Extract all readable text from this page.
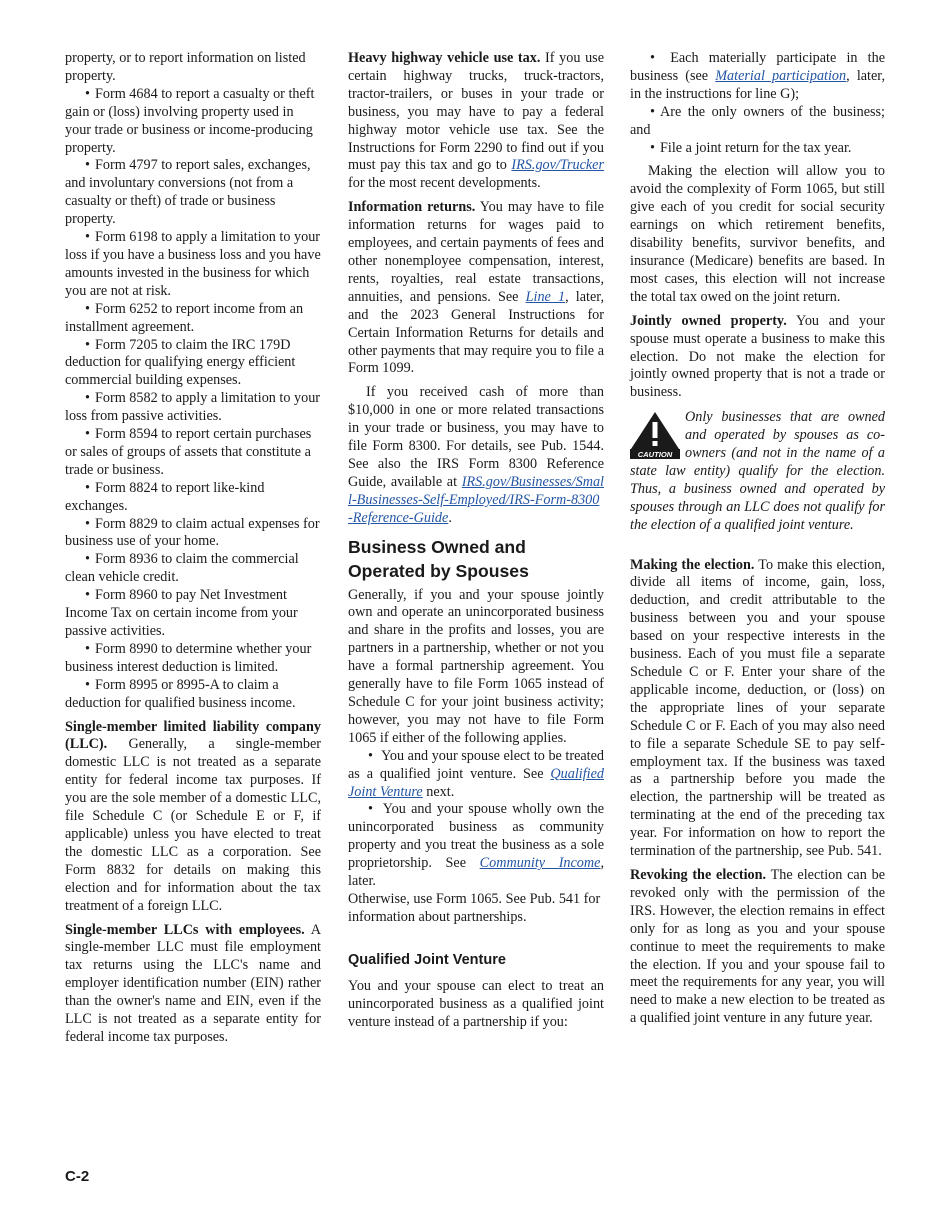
property, or to report information on listed property.

• Form 4684 to report a casualty or theft gain or (loss) involving property used in your trade or business or income-producing property.

• Form 4797 to report sales, exchanges, and involuntary conversions (not from a casualty or theft) of trade or business property.

• Form 6198 to apply a limitation to your loss if you have a business loss and you have amounts invested in the business for which you are not at risk.

• Form 6252 to report income from an installment agreement.

• Form 7205 to claim the IRC 179D deduction for qualifying energy efficient commercial building expenses.

• Form 8582 to apply a limitation to your loss from passive activities.

• Form 8594 to report certain purchases or sales of groups of assets that constitute a trade or business.

• Form 8824 to report like-kind exchanges.

• Form 8829 to claim actual expenses for business use of your home.

• Form 8936 to claim the commercial clean vehicle credit.

• Form 8960 to pay Net Investment Income Tax on certain income from your passive activities.

• Form 8990 to determine whether your business interest deduction is limited.

• Form 8995 or 8995-A to claim a deduction for qualified business income.

Single-member limited liability company (LLC). Generally, a single-member domestic LLC is not treated as a separate entity for federal income tax purposes. If you are the sole member of a domestic LLC, file Schedule C (or Schedule E or F, if applicable) unless you have elected to treat the domestic LLC as a corporation. See Form 8832 for details on making this election and for information about the tax treatment of a foreign LLC.

Single-member LLCs with employees. A single-member LLC must file employment tax returns using the LLC's name and employer identification number (EIN) rather than the owner's name and EIN, even if the LLC is not treated as a separate entity for federal income tax purposes.

Heavy highway vehicle use tax. If you use certain highway trucks, truck-tractors, tractor-trailers, or buses in your trade or business, you may have to pay a federal highway motor vehicle use tax. See the Instructions for Form 2290 to find out if you must pay this tax and go to IRS.gov/Trucker for the most recent developments.

Information returns. You may have to file information returns for wages paid to employees, and certain payments of fees and other nonemployee compensation, interest, rents, royalties, real estate transactions, annuities, and pensions. See Line 1, later, and the 2023 General Instructions for Certain Information Returns for details and other payments that may require you to file a Form 1099.

If you received cash of more than $10,000 in one or more related transactions in your trade or business, you may have to file Form 8300. For details, see Pub. 1544. See also the IRS Form 8300 Reference Guide, available at IRS.gov/Businesses/Small-Businesses-Self-Employed/IRS-Form-8300-Reference-Guide.

Business Owned and Operated by Spouses

Generally, if you and your spouse jointly own and operate an unincorporated business and share in the profits and losses, you are partners in a partnership, whether or not you have a formal partnership agreement. You generally have to file Form 1065 instead of Schedule C for your joint business activity; however, you may not have to file Form 1065 if either of the following applies.

• You and your spouse elect to be treated as a qualified joint venture. See Qualified Joint Venture next.

• You and your spouse wholly own the unincorporated business as community property and you treat the business as a sole proprietorship. See Community Income, later.

Otherwise, use Form 1065. See Pub. 541 for information about partnerships.

Qualified Joint Venture

You and your spouse can elect to treat an unincorporated business as a qualified joint venture instead of a partnership if you:

• Each materially participate in the business (see Material participation, later, in the instructions for line G);

• Are the only owners of the business; and

• File a joint return for the tax year.

Making the election will allow you to avoid the complexity of Form 1065, but still give each of you credit for social security earnings on which retirement benefits, disability benefits, survivor benefits, and insurance (Medicare) benefits are based. In most cases, this election will not increase the total tax owed on the joint return.

Jointly owned property. You and your spouse must operate a business to make this election. Do not make the election for jointly owned property that is not a trade or business.

CAUTION
Only businesses that are owned and operated by spouses as co-owners (and not in the name of a state law entity) qualify for the election. Thus, a business owned and operated by spouses through an LLC does not qualify for the election of a qualified joint venture.

Making the election. To make this election, divide all items of income, gain, loss, deduction, and credit attributable to the business between you and your spouse based on your respective interests in the business. Each of you must file a separate Schedule C or F. Enter your share of the applicable income, deduction, or (loss) on the appropriate lines of your separate Schedule C or F. Each of you may also need to file a separate Schedule SE to pay self-employment tax. If the business was taxed as a partnership before you made the election, the partnership will be treated as terminating at the end of the preceding tax year. For information on how to report the termination of the partnership, see Pub. 541.

Revoking the election. The election can be revoked only with the permission of the IRS. However, the election remains in effect only for as long as you and your spouse continue to meet the requirements to make the election. If you and your spouse fail to meet the requirements for any year, you will need to make a new election to be treated as a qualified joint venture in any future year.

C-2
